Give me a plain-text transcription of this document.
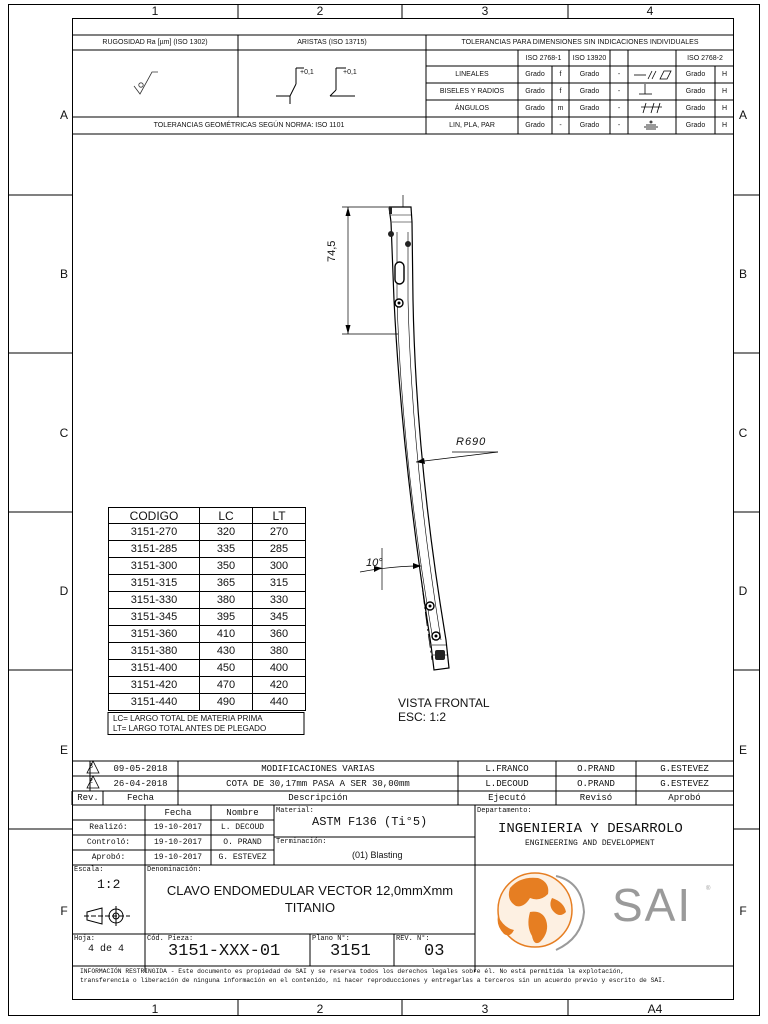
1	2	3	4
1	2	3	A4
A
B
C
D
E
F
A
B
C
D
E
F
RUGOSIDAD Ra [µm] (ISO 1302)	ARISTAS (ISO 13715)	TOLERANCIAS PARA DIMENSIONES SIN INDICACIONES INDIVIDUALES
+0,1	+0,1
TOLERANCIAS GEOMÉTRICAS SEGÚN NORMA: ISO 1101
ISO 2768-1	ISO 13920	ISO 2768-2
LINEALES	Grado	f	Grado	-	Grado	H
BISELES Y RADIOS	Grado	f	Grado	-	Grado	H
ÁNGULOS	Grado	m	Grado	-	Grado	H
LIN, PLA, PAR	Grado	-	Grado	-	Grado	H
74,5
R690
10°
VISTA FRONTAL
ESC: 1:2
CODIGO	LC	LT
3151-270	320	270
3151-285	335	285
3151-300	350	300
3151-315	365	315
3151-330	380	330
3151-345	395	345
3151-360	410	360
3151-380	430	380
3151-400	450	400
3151-420	470	420
3151-440	490	440
LC= LARGO TOTAL DE MATERIA PRIMA
LT= LARGO TOTAL ANTES DE PLEGADO
3
2
09-05-2018	MODIFICACIONES VARIAS	L.FRANCO	O.PRAND	G.ESTEVEZ
26-04-2018	COTA DE 30,17mm PASA A SER 30,00mm	L.DECOUD	O.PRAND	G.ESTEVEZ
Rev.	Fecha	Descripción	Ejecutó	Revisó	Aprobó
Fecha	Nombre
Realizó:	19-10-2017	L. DECOUD
Controló:	19-10-2017	O. PRAND
Aprobó:	19-10-2017	G. ESTEVEZ
Material:
ASTM F136 (Ti°5)
Terminación:
(01) Blasting
Departamento:
INGENIERIA Y DESARROLO
ENGINEERING AND DEVELOPMENT
Escala:
1:2
Denominación:
CLAVO ENDOMEDULAR VECTOR 12,0mmXmm
TITANIO
Hoja:
4 de 4
Cód. Pieza:
3151-XXX-01
Plano N°:
3151
REV. N°:
03
SAI ®
INFORMACIÓN RESTRINGIDA - Este documento es propiedad de SAI y se reserva todos los derechos legales sobre él. No está permitida la explotación,
transferencia o liberación de ninguna información en el contenido, ni hacer reproducciones y entregarlas a terceros sin un acuerdo previo y escrito de SAI.
